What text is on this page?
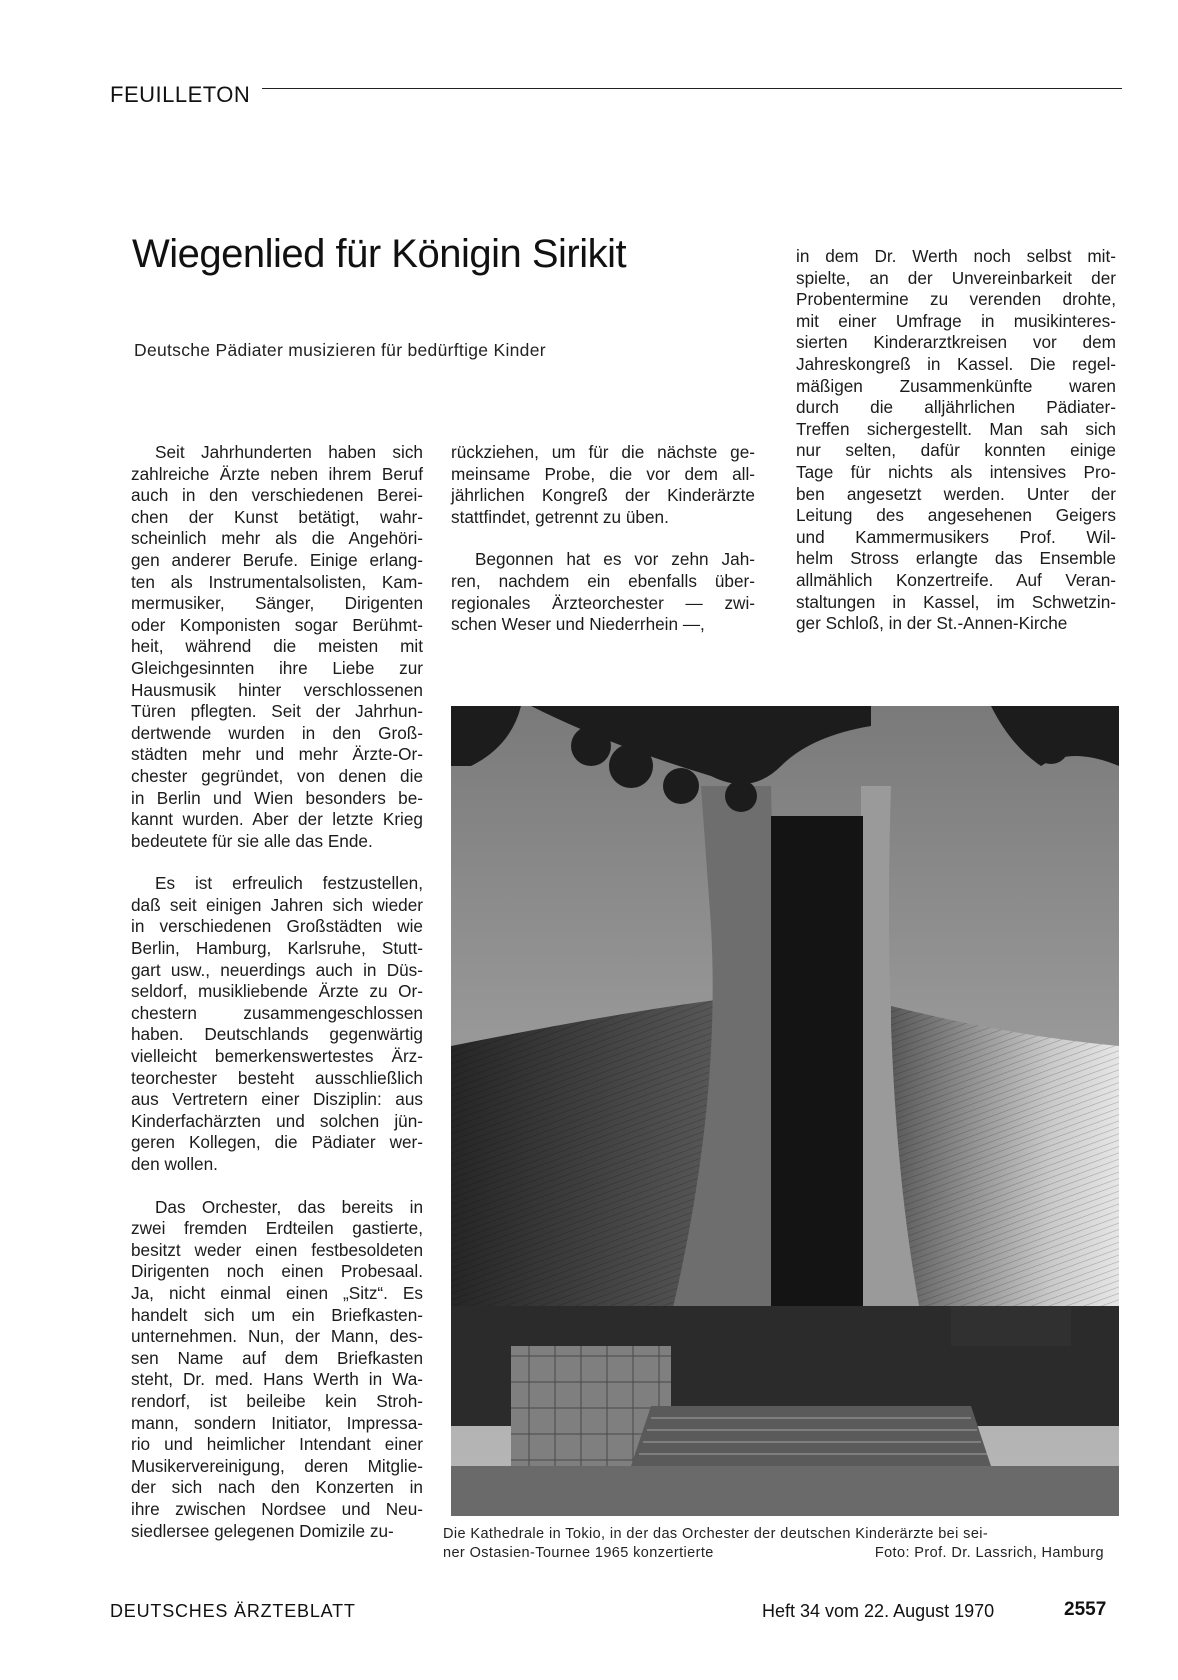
FEUILLETON
Wiegenlied für Königin Sirikit
Deutsche Pädiater musizieren für bedürftige Kinder

Seit Jahrhunderten haben sich
zahlreiche Ärzte neben ihrem Beruf
auch in den verschiedenen Berei-
chen der Kunst betätigt, wahr-
scheinlich mehr als die Angehöri-
gen anderer Berufe. Einige erlang-
ten als Instrumentalsolisten, Kam-
mermusiker, Sänger, Dirigenten
oder Komponisten sogar Berühmt-
heit, während die meisten mit
Gleichgesinnten ihre Liebe zur
Hausmusik hinter verschlossenen
Türen pflegten. Seit der Jahrhun-
dertwende wurden in den Groß-
städten mehr und mehr Ärzte-Or-
chester gegründet, von denen die
in Berlin und Wien besonders be-
kannt wurden. Aber der letzte Krieg
bedeutete für sie alle das Ende.

Es ist erfreulich festzustellen,
daß seit einigen Jahren sich wieder
in verschiedenen Großstädten wie
Berlin, Hamburg, Karlsruhe, Stutt-
gart usw., neuerdings auch in Düs-
seldorf, musikliebende Ärzte zu Or-
chestern zusammengeschlossen
haben. Deutschlands gegenwärtig
vielleicht bemerkenswertestes Ärz-
teorchester besteht ausschließlich
aus Vertretern einer Disziplin: aus
Kinderfachärzten und solchen jün-
geren Kollegen, die Pädiater wer-
den wollen.

Das Orchester, das bereits in
zwei fremden Erdteilen gastierte,
besitzt weder einen festbesoldeten
Dirigenten noch einen Probesaal.
Ja, nicht einmal einen „Sitz“. Es
handelt sich um ein Briefkasten-
unternehmen. Nun, der Mann, des-
sen Name auf dem Briefkasten
steht, Dr. med. Hans Werth in Wa-
rendorf, ist beileibe kein Stroh-
mann, sondern Initiator, Impressa-
rio und heimlicher Intendant einer
Musikervereinigung, deren Mitglie-
der sich nach den Konzerten in
ihre zwischen Nordsee und Neu-
siedlersee gelegenen Domizile zu-

rückziehen, um für die nächste ge-
meinsame Probe, die vor dem all-
jährlichen Kongreß der Kinderärzte
stattfindet, getrennt zu üben.

Begonnen hat es vor zehn Jah-
ren, nachdem ein ebenfalls über-
regionales Ärzteorchester — zwi-
schen Weser und Niederrhein —,

in dem Dr. Werth noch selbst mit-
spielte, an der Unvereinbarkeit der
Probentermine zu verenden drohte,
mit einer Umfrage in musikinteres-
sierten Kinderarztkreisen vor dem
Jahreskongreß in Kassel. Die regel-
mäßigen Zusammenkünfte waren
durch die alljährlichen Pädiater-
Treffen sichergestellt. Man sah sich
nur selten, dafür konnten einige
Tage für nichts als intensives Pro-
ben angesetzt werden. Unter der
Leitung des angesehenen Geigers
und Kammermusikers Prof. Wil-
helm Stross erlangte das Ensemble
allmählich Konzertreife. Auf Veran-
staltungen in Kassel, im Schwetzin-
ger Schloß, in der St.-Annen-Kirche

Die Kathedrale in Tokio, in der das Orchester der deutschen Kinderärzte bei sei-
ner Ostasien-Tournee 1965 konzertierte	Foto: Prof. Dr. Lassrich, Hamburg
DEUTSCHES ÄRZTEBLATT	Heft 34 vom 22. August 1970	2557
